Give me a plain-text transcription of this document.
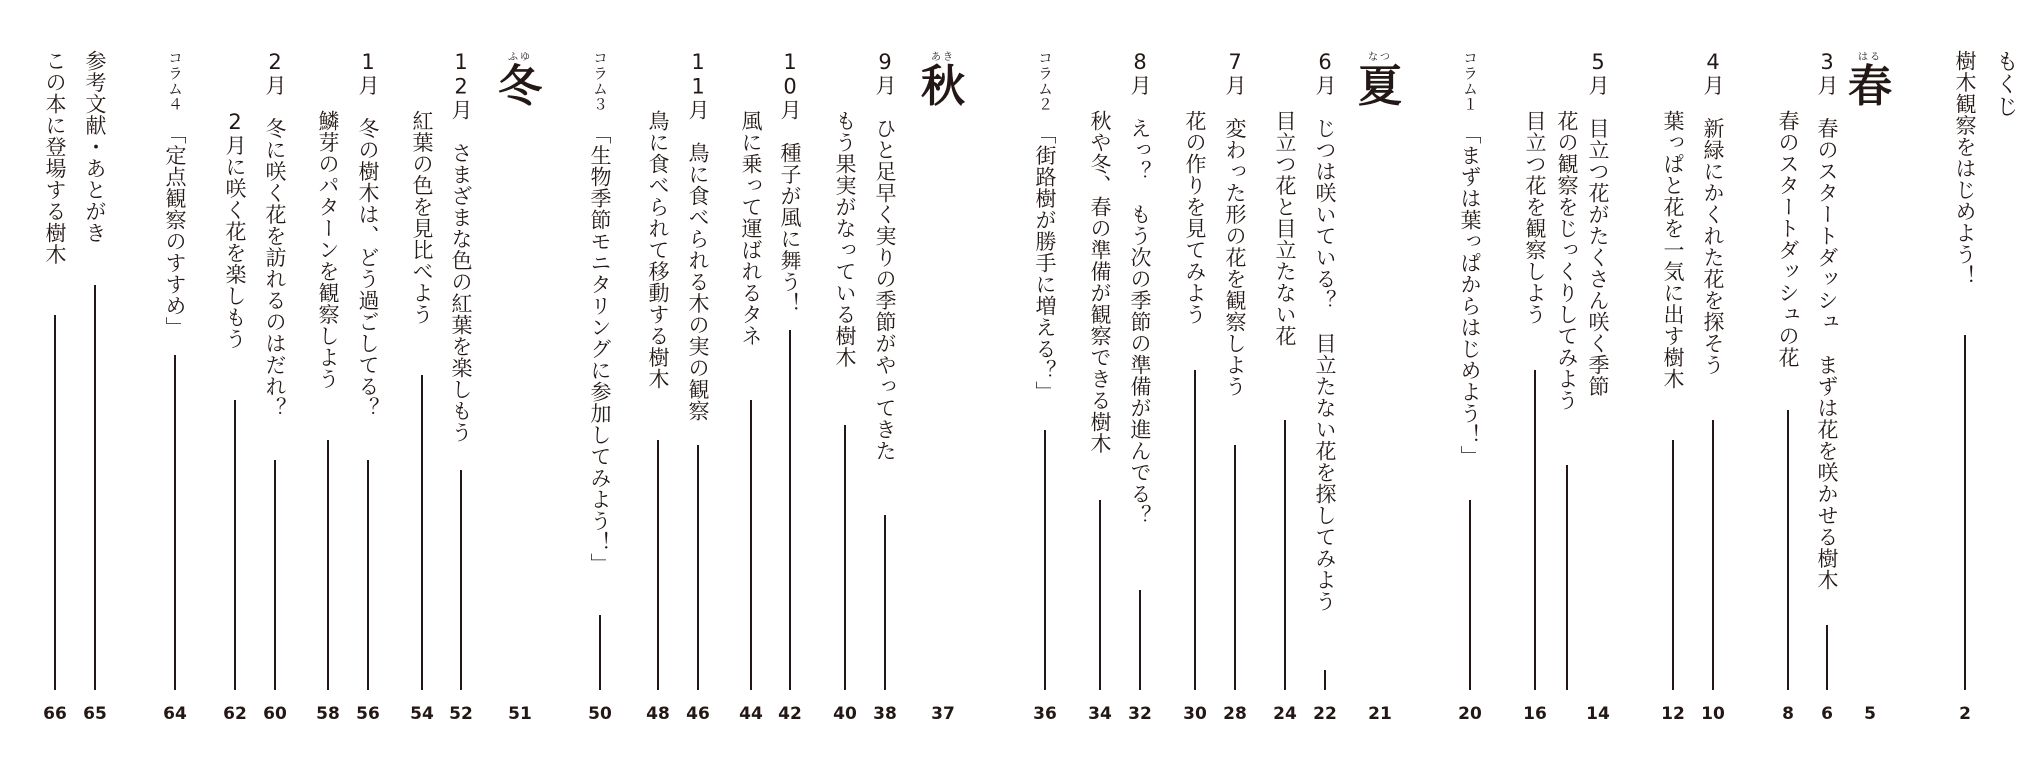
もくじ
樹木観察をはじめよう！
2
はる
春
5
3月　春のスタートダッシュ　まずは花を咲かせる樹木
6
春のスタートダッシュの花
8
4月　新緑にかくれた花を探そう
10
葉っぱと花を一気に出す樹木
12
5月　目立つ花がたくさん咲く季節
14
花の観察をじっくりしてみよう
目立つ花を観察しよう
16
コラム１　「まずは葉っぱからはじめよう！」
20
なつ
夏
21
6月　じつは咲いている？　目立たない花を探してみよう
22
目立つ花と目立たない花
24
7月　変わった形の花を観察しよう
28
花の作りを見てみよう
30
8月　えっ？　もう次の季節の準備が進んでる？
32
秋や冬、春の準備が観察できる樹木
34
コラム２　「街路樹が勝手に増える？」
36
あき
秋
37
9月　ひと足早く実りの季節がやってきた
38
もう果実がなっている樹木
40
10月　種子が風に舞う！
42
風に乗って運ばれるタネ
44
11月　鳥に食べられる木の実の観察
46
鳥に食べられて移動する樹木
48
コラム３　「生物季節モニタリングに参加してみよう！」
50
ふゆ
冬
51
12月　さまざまな色の紅葉を楽しもう
52
紅葉の色を見比べよう
54
1月　冬の樹木は、どう過ごしてる？
56
鱗芽のパターンを観察しよう
58
2月　冬に咲く花を訪れるのはだれ？
60
2月に咲く花を楽しもう
62
コラム４　「定点観察のすすめ」
64
参考文献・あとがき
65
この本に登場する樹木
66
